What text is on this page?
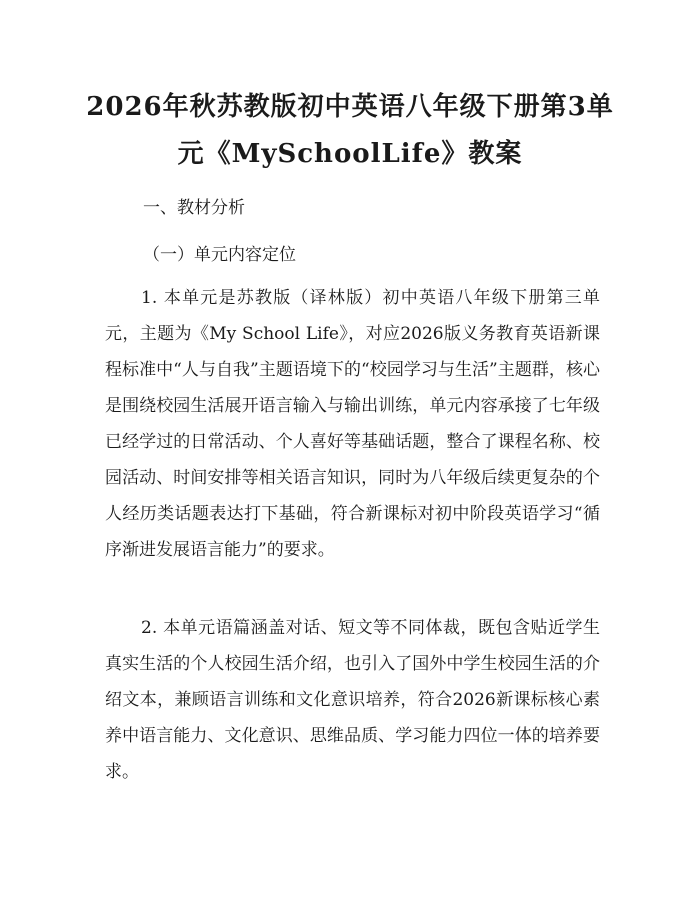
2026年秋苏教版初中英语八年级下册第3单
元《MySchoolLife》教案
一、教材分析
（一）单元内容定位

1. 本单元是苏教版（译林版）初中英语八年级下册第三单元，主题为《My School Life》，对应2026版义务教育英语新课程标准中“人与自我”主题语境下的“校园学习与生活”主题群，核心是围绕校园生活展开语言输入与输出训练，单元内容承接了七年级已经学过的日常活动、个人喜好等基础话题，整合了课程名称、校园活动、时间安排等相关语言知识，同时为八年级后续更复杂的个人经历类话题表达打下基础，符合新课标对初中阶段英语学习“循序渐进发展语言能力”的要求。

2. 本单元语篇涵盖对话、短文等不同体裁，既包含贴近学生真实生活的个人校园生活介绍，也引入了国外中学生校园生活的介绍文本，兼顾语言训练和文化意识培养，符合2026新课标核心素养中语言能力、文化意识、思维品质、学习能力四位一体的培养要求。
